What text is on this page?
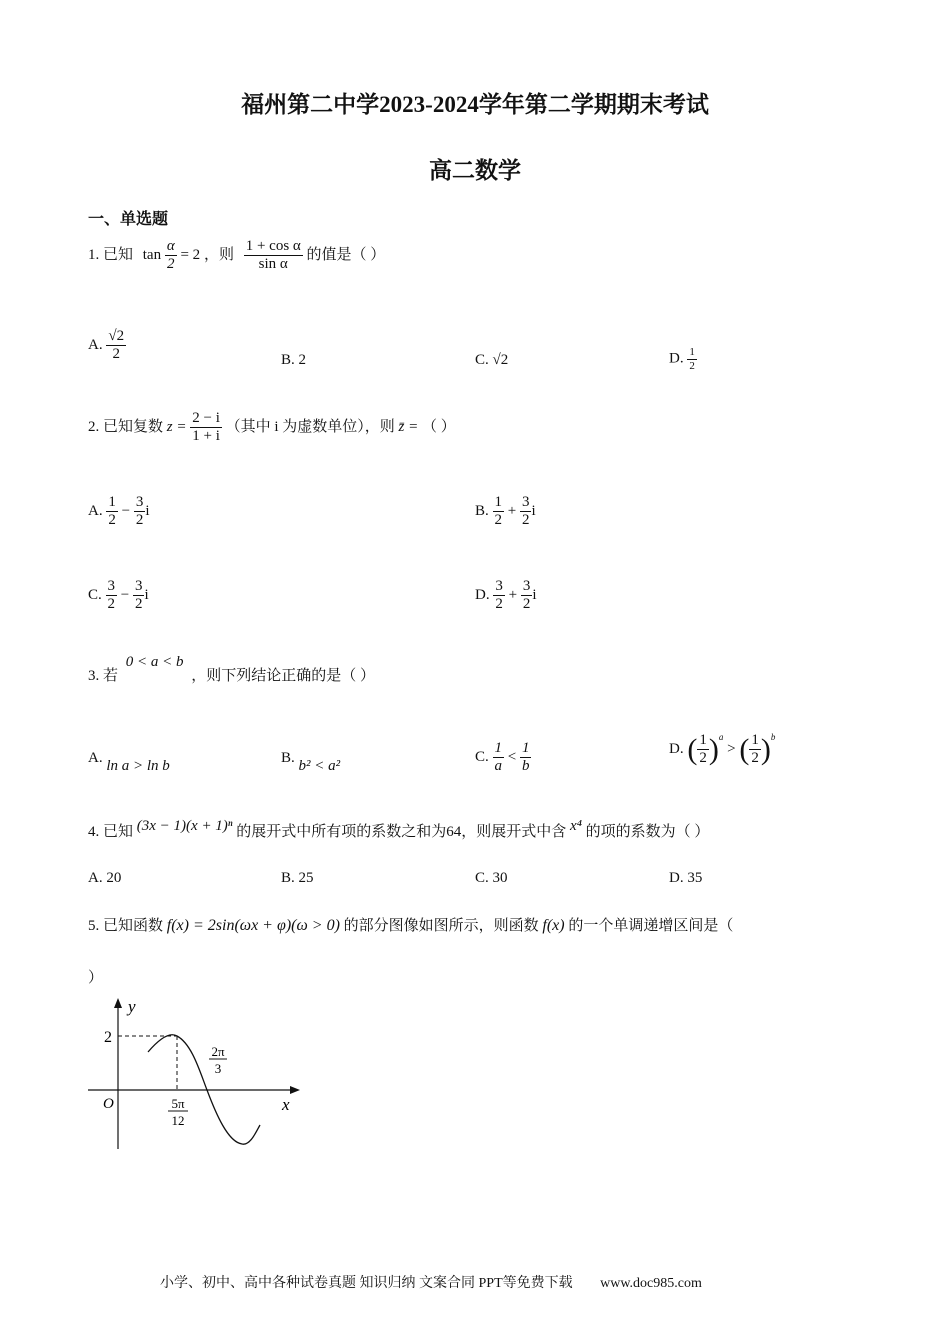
福州第二中学2023-2024学年第二学期期末考试
高二数学
一、单选题
1. 已知 $\tan \frac{\alpha}{2} = 2$ ，则 $\frac{\text{1 + cos α}}{\text{sin α}}$ 的值是（ ）
A. $\frac{√2}{2}$	B. 2	C. √2	D. $\frac{1}{2}$
2. 已知复数 $z = \frac{2 - i}{1 + i}$ （其中 i 为虚数单位），则 z̄ = （ ）
A. $\frac{1}{2} - \frac{3}{2}$ i	B. $\frac{1}{2} + \frac{3}{2}$ i
C. $\frac{3}{2} - \frac{3}{2}$ i	D. $\frac{3}{2} + \frac{3}{2}$ i
3. 若 0 < a < b ，则下列结论正确的是（ ）
A. ln a > ln b	B. b² < a²
C. $\frac{1}{a} < \frac{1}{b}$	D. ( $\frac{1}{2} )^a$ > ( $\frac{1}{2} )^b$
4. 已知 (3x − 1)(x + 1)ⁿ 的展开式中所有项的系数之和为64，则展开式中含 x⁴ 的项的系数为（ ）
A. 20	B. 25	C. 30	D. 35
5. 已知函数 f(x) = 2sin(ωx + φ)(ω > 0) 的部分图像如图所示，则函数 f(x) 的一个单调递增区间是（
）
y
x
O
2
5π
12
2π
3
小学、初中、高中各种试卷真题 知识归纳 文案合同 PPT等免费下载 www.doc985.com
